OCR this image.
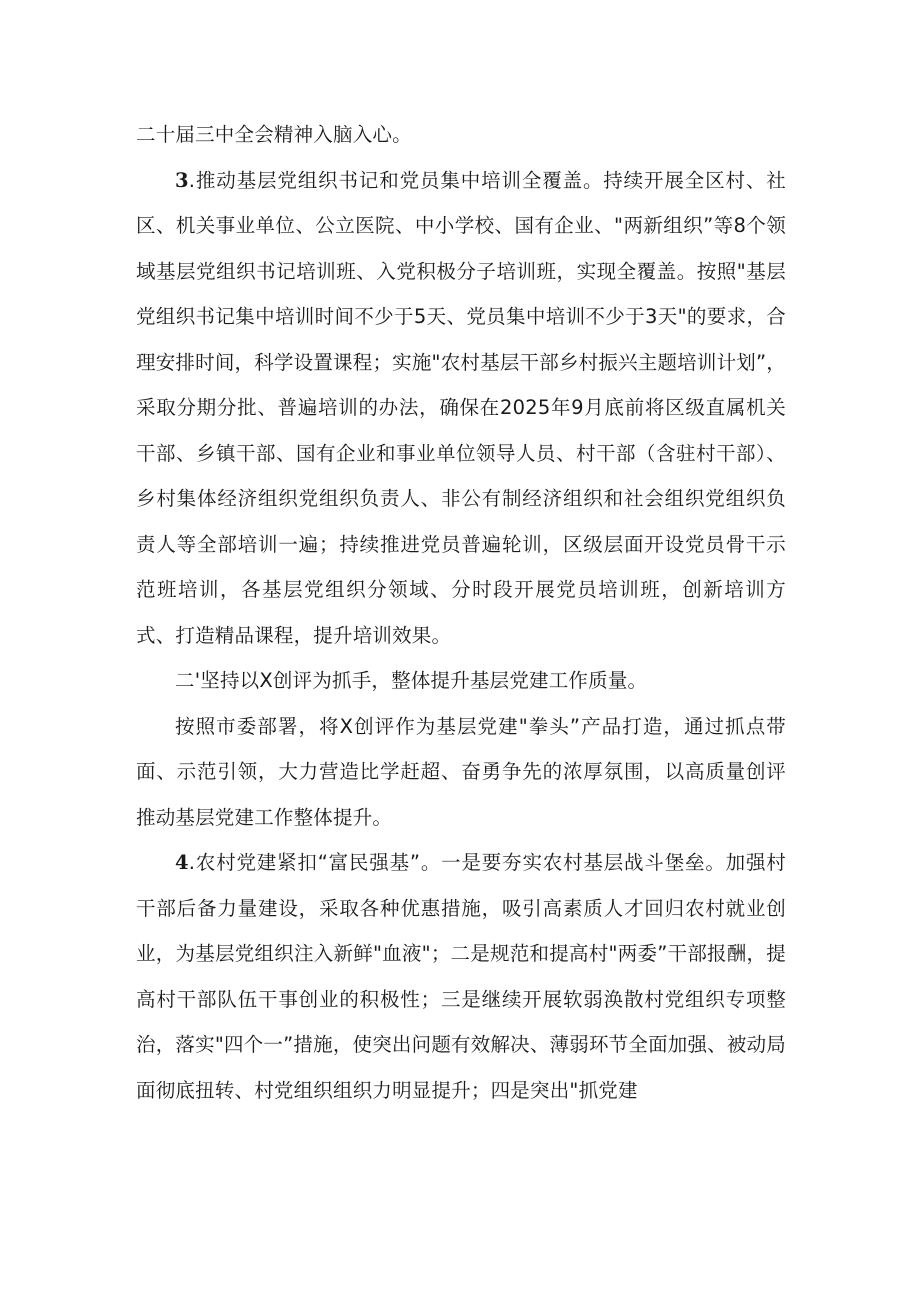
二十届三中全会精神入脑入心。

3.推动基层党组织书记和党员集中培训全覆盖。持续开展全区村、社区、机关事业单位、公立医院、中小学校、国有企业、"两新组织”等8个领域基层党组织书记培训班、入党积极分子培训班，实现全覆盖。按照"基层党组织书记集中培训时间不少于5天、党员集中培训不少于3天"的要求，合理安排时间，科学设置课程；实施"农村基层干部乡村振兴主题培训计划”，采取分期分批、普遍培训的办法，确保在2025年9月底前将区级直属机关干部、乡镇干部、国有企业和事业单位领导人员、村干部（含驻村干部）、乡村集体经济组织党组织负责人、非公有制经济组织和社会组织党组织负责人等全部培训一遍；持续推进党员普遍轮训，区级层面开设党员骨干示范班培训，各基层党组织分领域、分时段开展党员培训班，创新培训方式、打造精品课程，提升培训效果。

二'坚持以X创评为抓手，整体提升基层党建工作质量。

按照市委部署，将X创评作为基层党建"拳头”产品打造，通过抓点带面、示范引领，大力营造比学赶超、奋勇争先的浓厚氛围，以高质量创评推动基层党建工作整体提升。

4.农村党建紧扣“富民强基”。一是要夯实农村基层战斗堡垒。加强村干部后备力量建设，采取各种优惠措施，吸引高素质人才回归农村就业创业，为基层党组织注入新鲜"血液"；二是规范和提高村"两委”干部报酬，提高村干部队伍干事创业的积极性；三是继续开展软弱涣散村党组织专项整治，落实"四个一”措施，使突出问题有效解决、薄弱环节全面加强、被动局面彻底扭转、村党组织组织力明显提升；四是突出"抓党建
